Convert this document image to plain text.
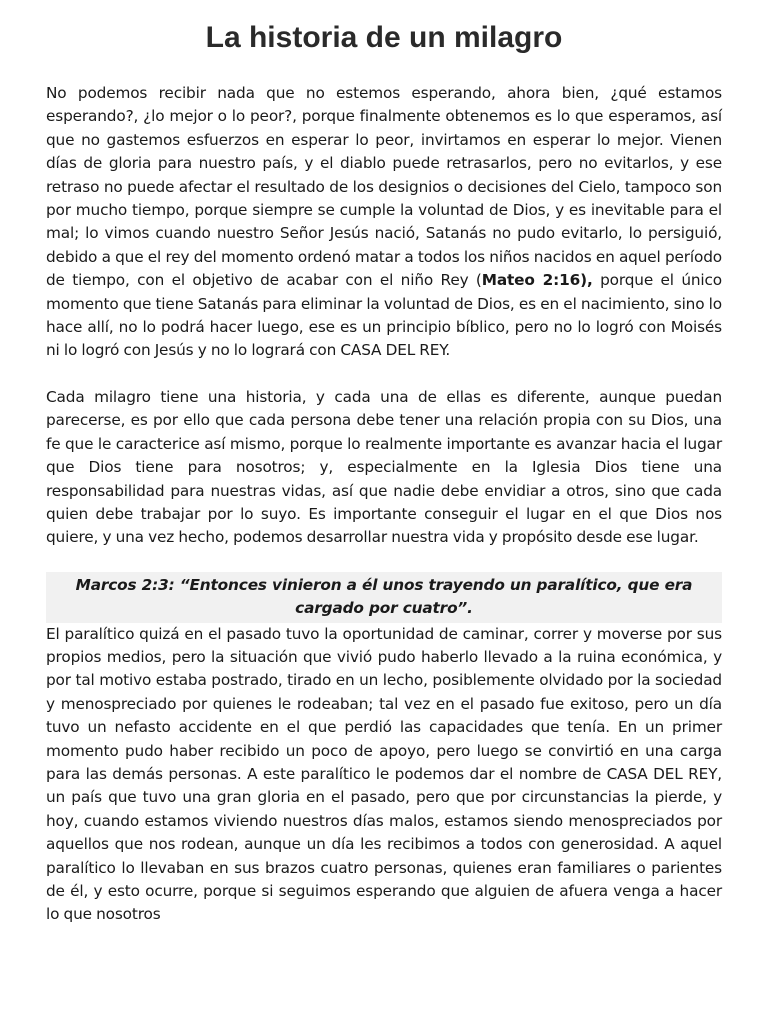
La historia de un milagro

No podemos recibir nada que no estemos esperando, ahora bien, ¿qué estamos esperando?, ¿lo mejor o lo peor?, porque finalmente obtenemos es lo que esperamos, así que no gastemos esfuerzos en esperar lo peor, invirtamos en esperar lo mejor. Vienen días de gloria para nuestro país, y el diablo puede retrasarlos, pero no evitarlos, y ese retraso no puede afectar el resultado de los designios o decisiones del Cielo, tampoco son por mucho tiempo, porque siempre se cumple la voluntad de Dios, y es inevitable para el mal; lo vimos cuando nuestro Señor Jesús nació, Satanás no pudo evitarlo, lo persiguió, debido a que el rey del momento ordenó matar a todos los niños nacidos en aquel período de tiempo, con el objetivo de acabar con el niño Rey (Mateo 2:16), porque el único momento que tiene Satanás para eliminar la voluntad de Dios, es en el nacimiento, sino lo hace allí, no lo podrá hacer luego, ese es un principio bíblico, pero no lo logró con Moisés ni lo logró con Jesús y no lo logrará con CASA DEL REY.

Cada milagro tiene una historia, y cada una de ellas es diferente, aunque puedan parecerse, es por ello que cada persona debe tener una relación propia con su Dios, una fe que le caracterice así mismo, porque lo realmente importante es avanzar hacia el lugar que Dios tiene para nosotros; y, especialmente en la Iglesia Dios tiene una responsabilidad para nuestras vidas, así que nadie debe envidiar a otros, sino que cada quien debe trabajar por lo suyo. Es importante conseguir el lugar en el que Dios nos quiere, y una vez hecho, podemos desarrollar nuestra vida y propósito desde ese lugar.

Marcos 2:3: “Entonces vinieron a él unos trayendo un paralítico, que era cargado por cuatro”.

El paralítico quizá en el pasado tuvo la oportunidad de caminar, correr y moverse por sus propios medios, pero la situación que vivió pudo haberlo llevado a la ruina económica, y por tal motivo estaba postrado, tirado en un lecho, posiblemente olvidado por la sociedad y menospreciado por quienes le rodeaban; tal vez en el pasado fue exitoso, pero un día tuvo un nefasto accidente en el que perdió las capacidades que tenía. En un primer momento pudo haber recibido un poco de apoyo, pero luego se convirtió en una carga para las demás personas. A este paralítico le podemos dar el nombre de CASA DEL REY, un país que tuvo una gran gloria en el pasado, pero que por circunstancias la pierde, y hoy, cuando estamos viviendo nuestros días malos, estamos siendo menospreciados por aquellos que nos rodean, aunque un día les recibimos a todos con generosidad. A aquel paralítico lo llevaban en sus brazos cuatro personas, quienes eran familiares o parientes de él, y esto ocurre, porque si seguimos esperando que alguien de afuera venga a hacer lo que nosotros
